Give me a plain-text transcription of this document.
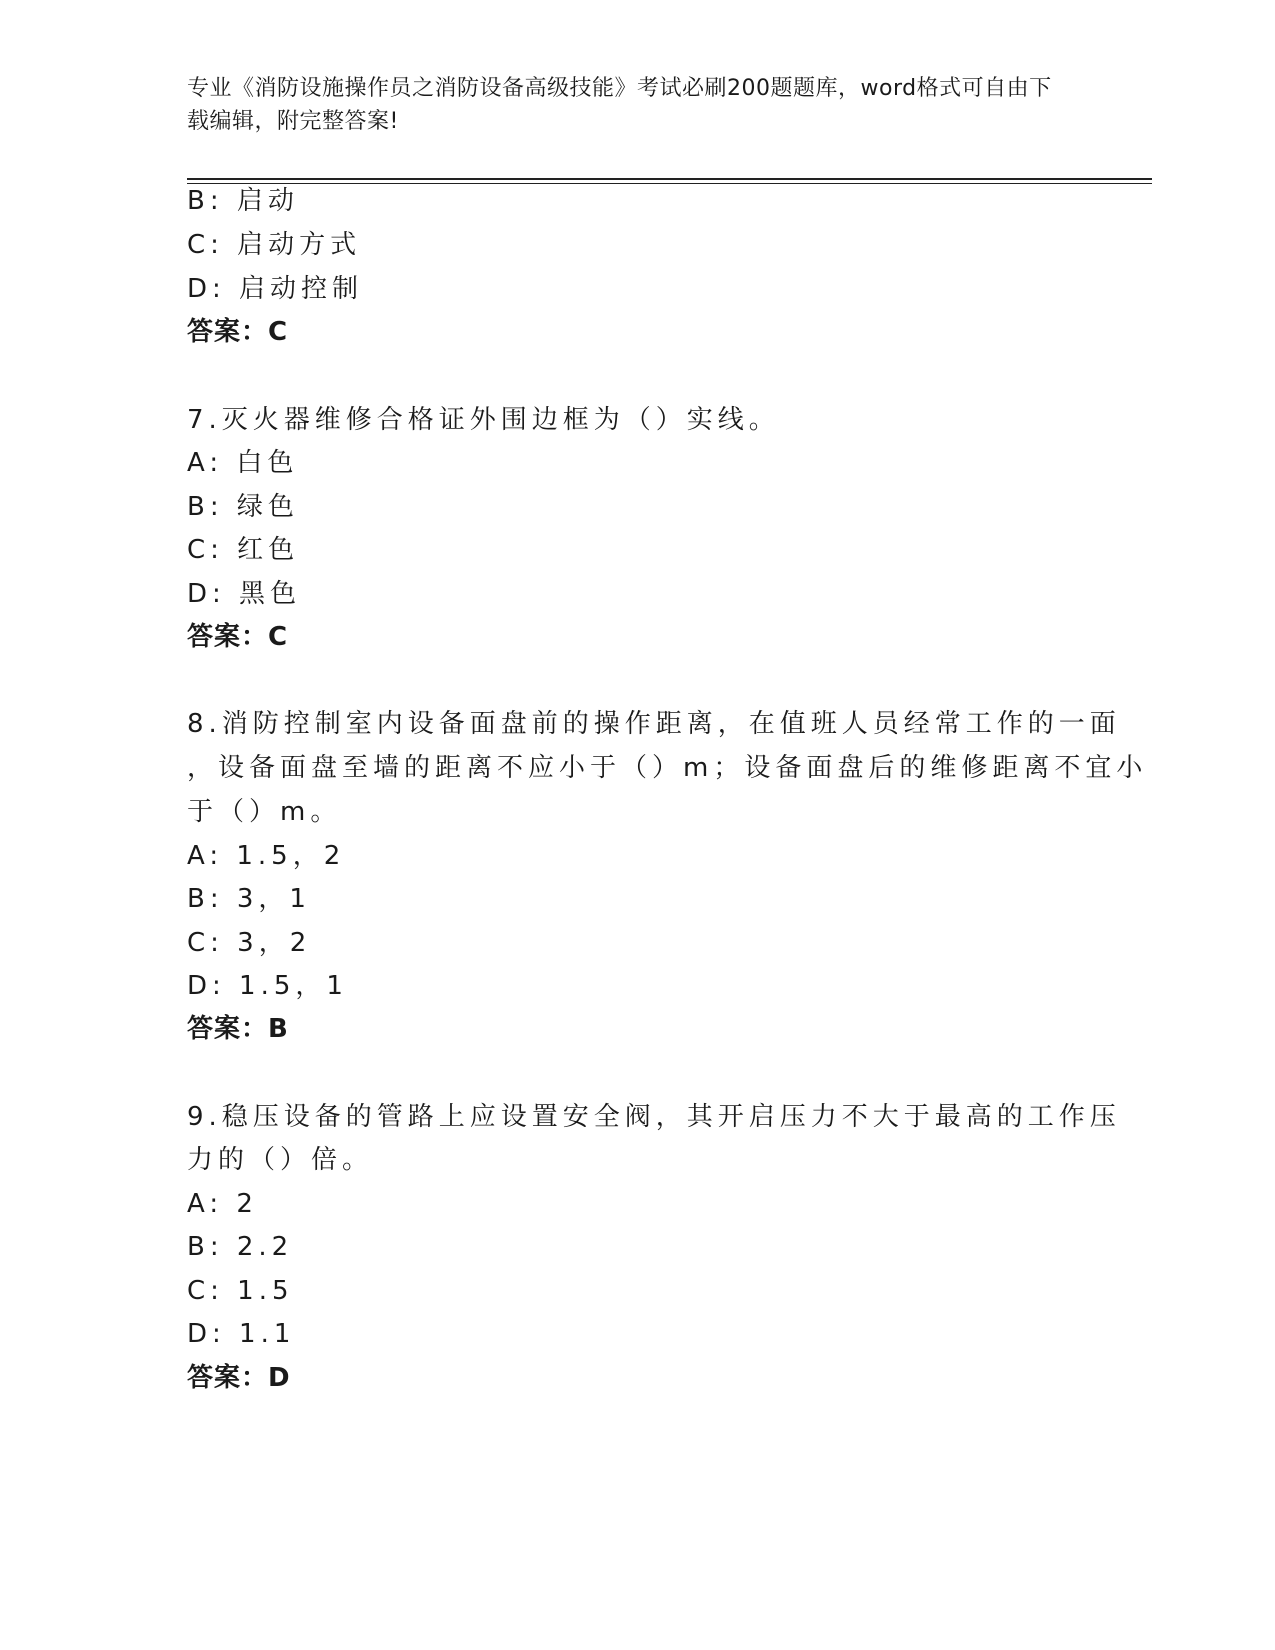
专业《消防设施操作员之消防设备高级技能》考试必刷200题题库，word格式可自由下载编辑，附完整答案!

B: 启动
C: 启动方式
D: 启动控制
答案：C
7.灭火器维修合格证外围边框为（）实线。
A: 白色
B: 绿色
C: 红色
D: 黑色
答案：C
8.消防控制室内设备面盘前的操作距离，在值班人员经常工作的一面
，设备面盘至墙的距离不应小于（）m；设备面盘后的维修距离不宜小
于（）m。
A: 1.5，2
B: 3，1
C: 3，2
D: 1.5，1
答案：B
9.稳压设备的管路上应设置安全阀，其开启压力不大于最高的工作压
力的（）倍。
A: 2
B: 2.2
C: 1.5
D: 1.1
答案：D
